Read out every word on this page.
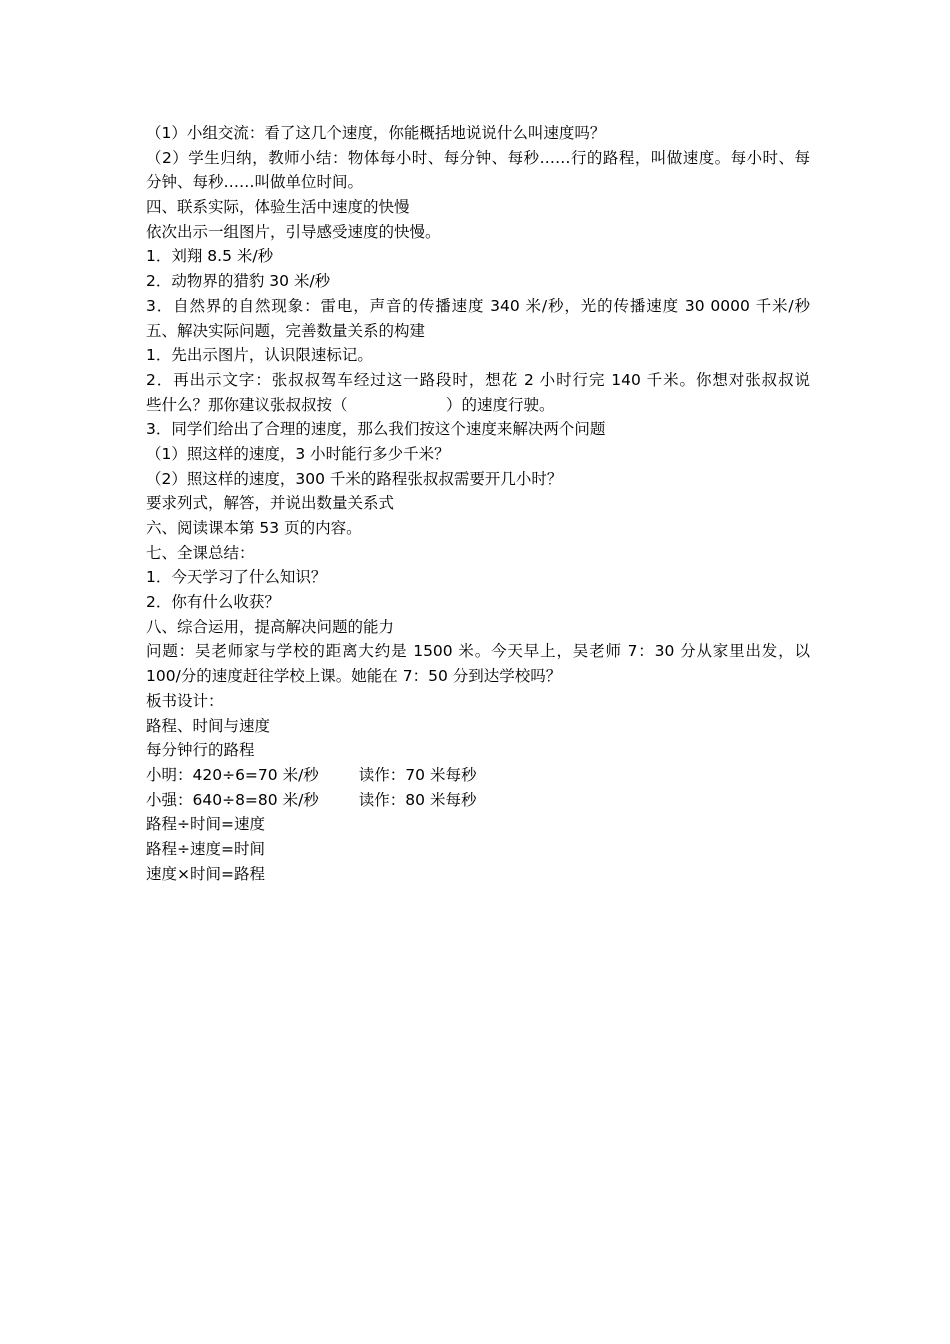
（1）小组交流：看了这几个速度，你能概括地说说什么叫速度吗？
（2）学生归纳，教师小结：物体每小时、每分钟、每秒……行的路程，叫做速度。每小时、每
分钟、每秒……叫做单位时间。
四、联系实际，体验生活中速度的快慢
依次出示一组图片，引导感受速度的快慢。
1．刘翔 8.5 米/秒
2．动物界的猎豹 30 米/秒
3．自然界的自然现象：雷电，声音的传播速度 340 米/秒，光的传播速度 30 0000 千米/秒
五、解决实际问题，完善数量关系的构建
1．先出示图片，认识限速标记。
2．再出示文字：张叔叔驾车经过这一路段时，想花 2 小时行完 140 千米。你想对张叔叔说
些什么？那你建议张叔叔按（                    ）的速度行驶。
3．同学们给出了合理的速度，那么我们按这个速度来解决两个问题
（1）照这样的速度，3 小时能行多少千米？
（2）照这样的速度，300 千米的路程张叔叔需要开几小时？
要求列式，解答，并说出数量关系式
六、阅读课本第 53 页的内容。
七、全课总结：
1．今天学习了什么知识？
2．你有什么收获？
八、综合运用，提高解决问题的能力
问题：吴老师家与学校的距离大约是 1500 米。今天早上，吴老师 7：30 分从家里出发，以
100/分的速度赶往学校上课。她能在 7：50 分到达学校吗？
板书设计：
路程、时间与速度
每分钟行的路程
小明：420÷6=70 米/秒	读作：70 米每秒
小强：640÷8=80 米/秒	读作：80 米每秒
路程÷时间=速度
路程÷速度=时间
速度×时间=路程
